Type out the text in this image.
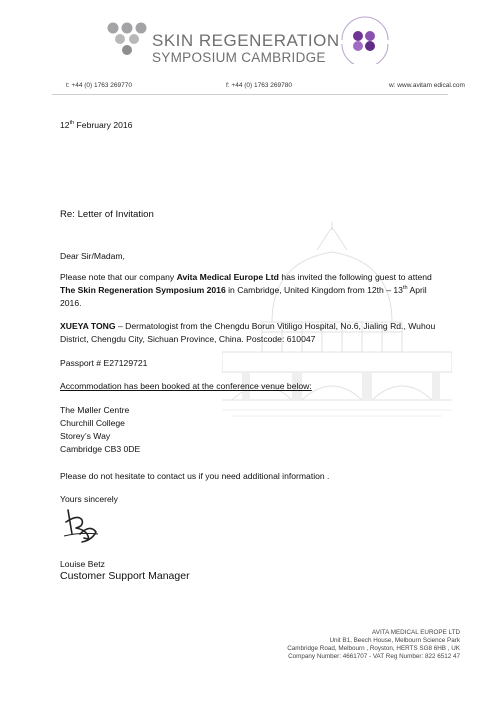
SKIN REGENERATION
SYMPOSIUM CAMBRIDGE
t: +44 (0) 1763 269770	f: +44 (0) 1763 269780	w: www.avitam edical.com
12th February 2016
Re: Letter of Invitation
Dear Sir/Madam,
Please note that our company Avita Medical Europe Ltd has invited the following guest to attend
The Skin Regeneration Symposium 2016 in Cambridge, United Kingdom from 12th – 13th April
2016.
XUEYA TONG – Dermatologist from the Chengdu Borun Vitiligo Hospital, No.6, Jialing Rd., Wuhou
District, Chengdu City, Sichuan Province, China. Postcode: 610047
Passport # E27129721
Accommodation has been booked at the conference venue below:
The Møller Centre
Churchill College
Storey’s Way
Cambridge CB3 0DE
Please do not hesitate to contact us if you need additional information .
Yours sincerely
Louise Betz
Customer Support Manager
AVITA MEDICAL EUROPE LTD
Unit B1, Beech House, Melbourn Science Park
Cambridge Road, Melbourn , Royston, HERTS SG8 6HB , UK
Company Number: 4661707 - VAT Reg Number: 822 6512 47
